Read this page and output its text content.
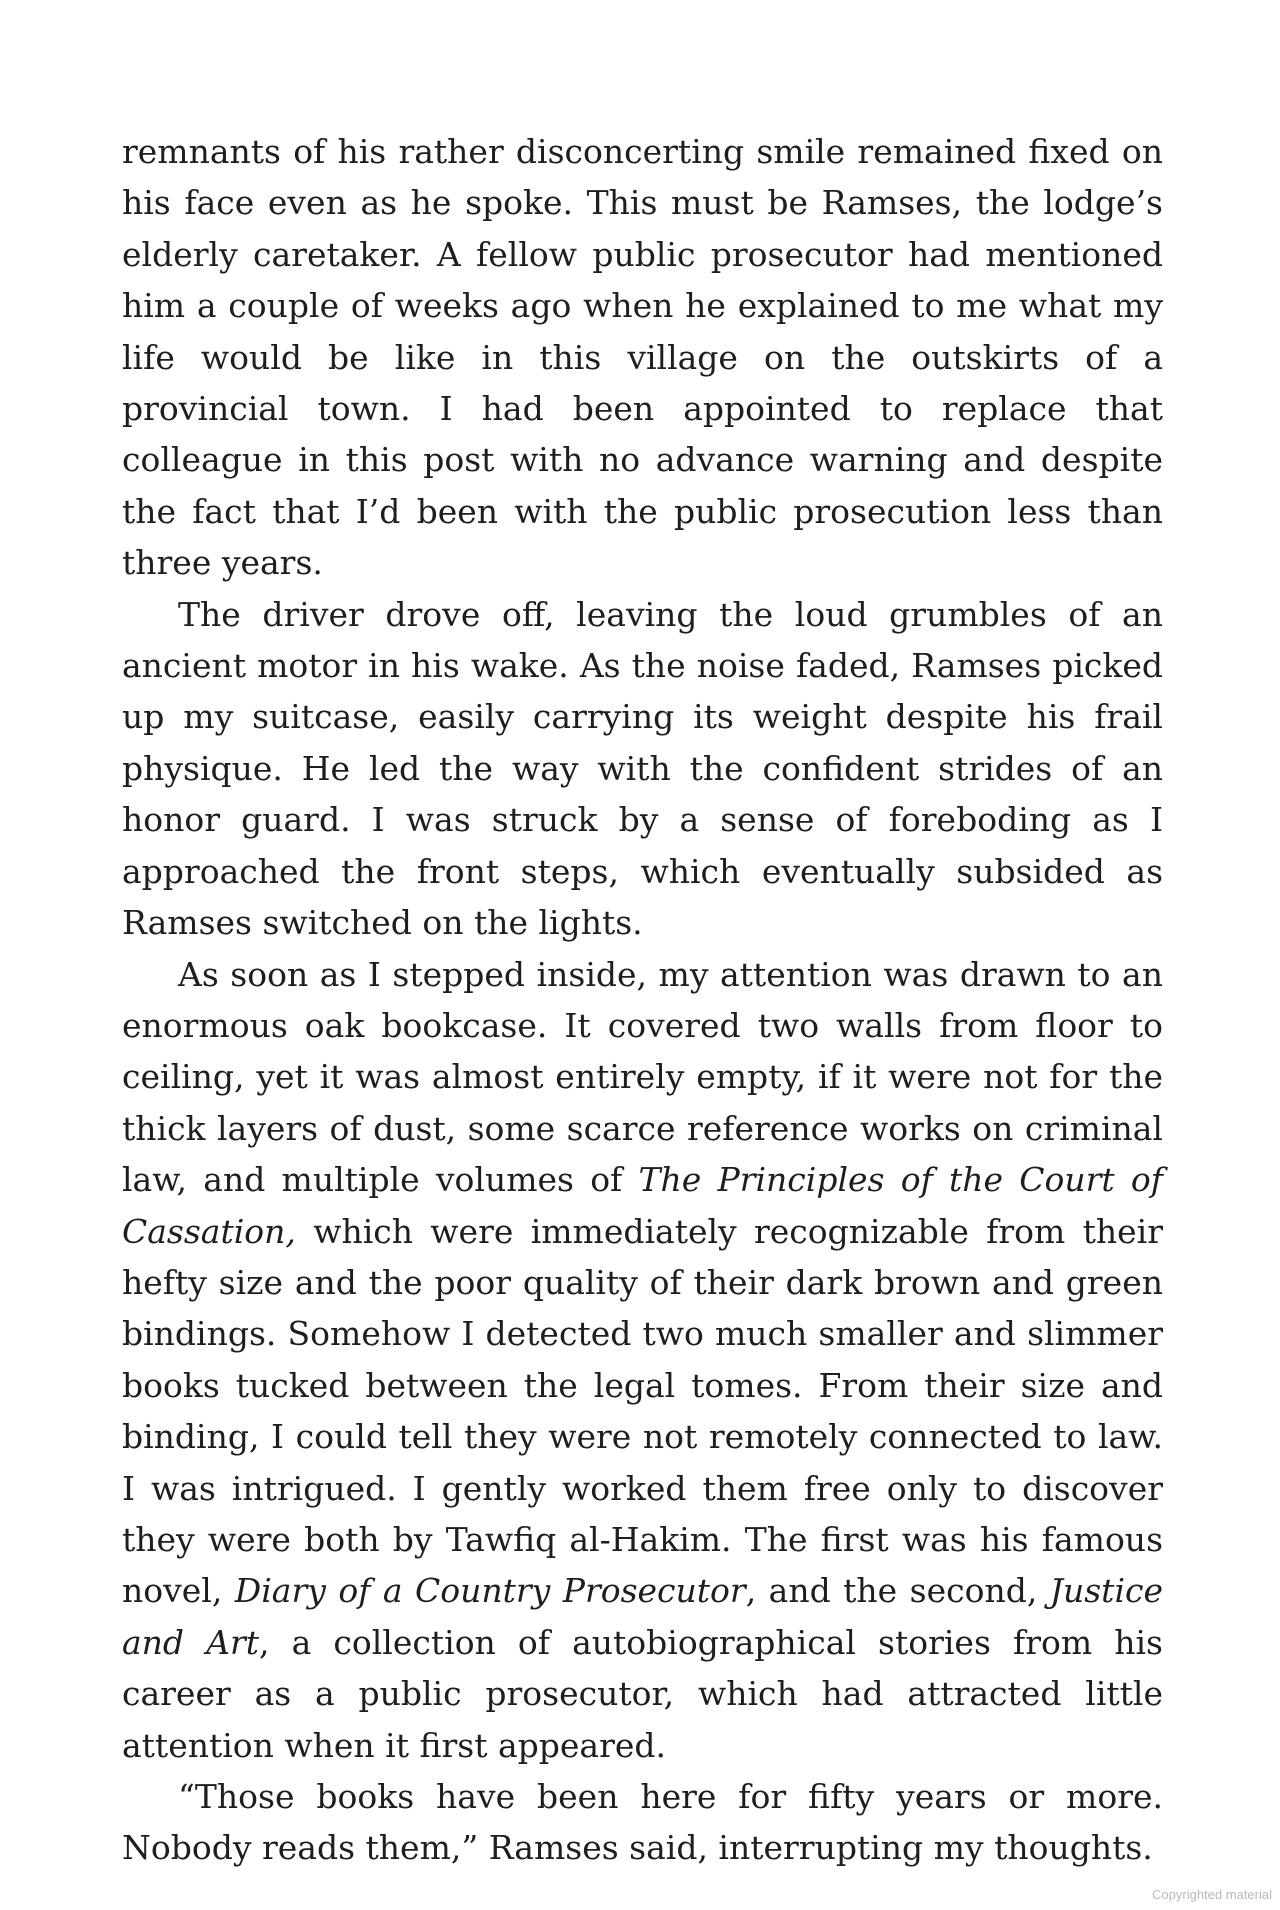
remnants of his rather disconcerting smile remained fixed on his face even as he spoke. This must be Ramses, the lodge’s elderly caretaker. A fellow public prosecutor had mentioned him a couple of weeks ago when he explained to me what my life would be like in this village on the outskirts of a provincial town. I had been appointed to replace that colleague in this post with no advance warning and despite the fact that I’d been with the public prosecution less than three years.

The driver drove off, leaving the loud grumbles of an ancient motor in his wake. As the noise faded, Ramses picked up my suitcase, easily carrying its weight despite his frail physique. He led the way with the confident strides of an honor guard. I was struck by a sense of foreboding as I approached the front steps, which eventually subsided as Ramses switched on the lights.

As soon as I stepped inside, my attention was drawn to an enormous oak bookcase. It covered two walls from floor to ceiling, yet it was almost entirely empty, if it were not for the thick layers of dust, some scarce reference works on criminal law, and multiple volumes of The Principles of the Court of Cassation, which were immediately recognizable from their hefty size and the poor quality of their dark brown and green bindings. Somehow I detected two much smaller and slimmer books tucked between the legal tomes. From their size and binding, I could tell they were not remotely connected to law. I was intrigued. I gently worked them free only to discover they were both by Tawfiq al-Hakim. The first was his famous novel, Diary of a Country Prosecutor, and the second, Justice and Art, a collection of autobiographical stories from his career as a public prosecutor, which had attracted little attention when it first appeared.

“Those books have been here for fifty years or more. Nobody reads them,” Ramses said, interrupting my thoughts.

Copyrighted material
